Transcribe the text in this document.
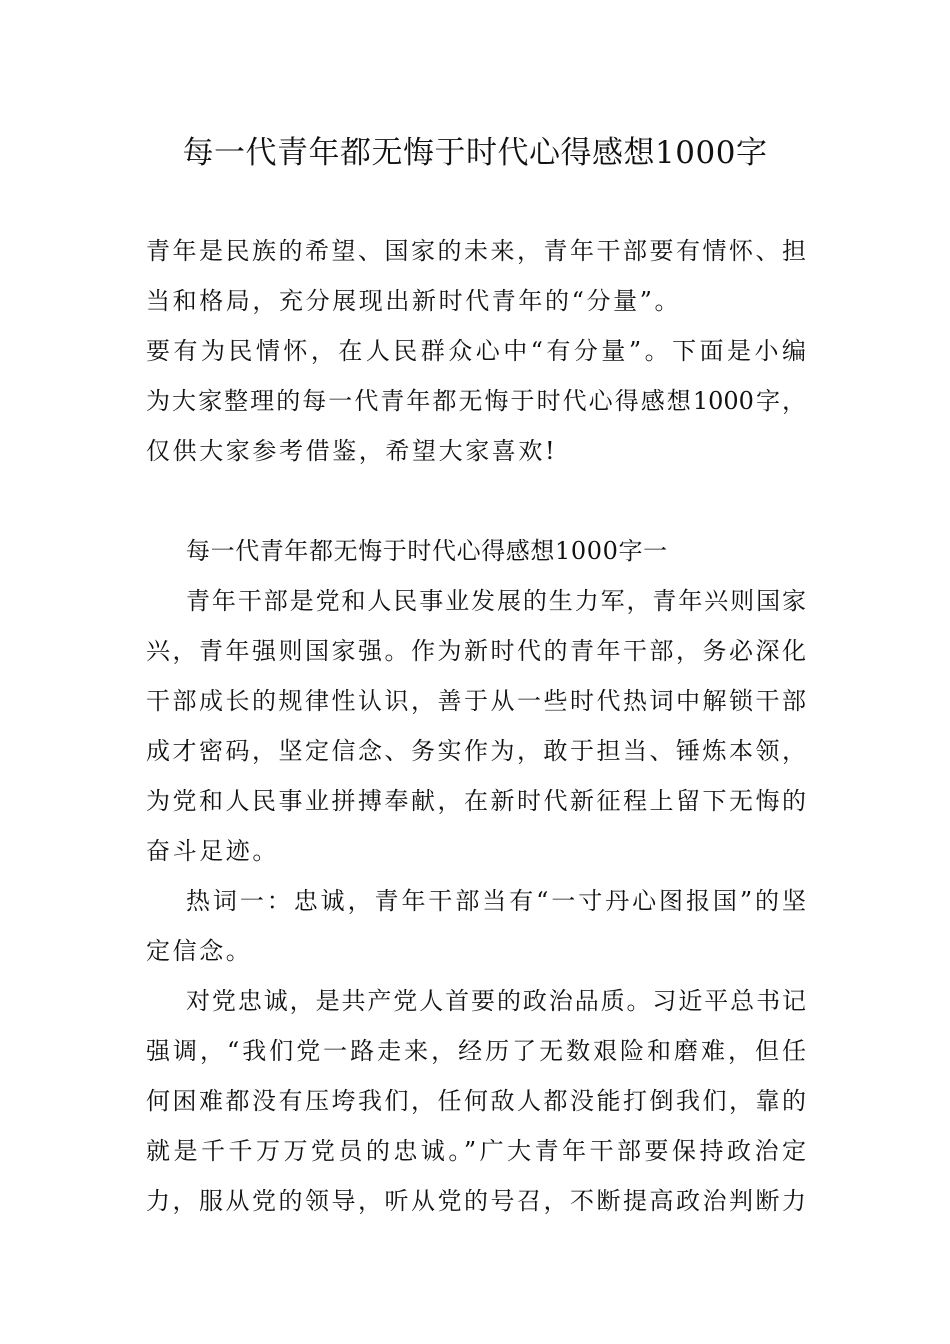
每一代青年都无悔于时代心得感想1000字

青年是民族的希望、国家的未来，青年干部要有情怀、担

当和格局，充分展现出新时代青年的“分量”。

要有为民情怀，在人民群众心中“有分量”。下面是小编

为大家整理的每一代青年都无悔于时代心得感想1000字，

仅供大家参考借鉴，希望大家喜欢!

每一代青年都无悔于时代心得感想1000字一

青年干部是党和人民事业发展的生力军，青年兴则国家

兴，青年强则国家强。作为新时代的青年干部，务必深化

干部成长的规律性认识，善于从一些时代热词中解锁干部

成才密码，坚定信念、务实作为，敢于担当、锤炼本领，

为党和人民事业拼搏奉献，在新时代新征程上留下无悔的

奋斗足迹。

热词一：忠诚，青年干部当有“一寸丹心图报国”的坚

定信念。

对党忠诚，是共产党人首要的政治品质。习近平总书记

强调，“我们党一路走来，经历了无数艰险和磨难，但任

何困难都没有压垮我们，任何敌人都没能打倒我们，靠的

就是千千万万党员的忠诚。”广大青年干部要保持政治定

力，服从党的领导，听从党的号召，不断提高政治判断力
